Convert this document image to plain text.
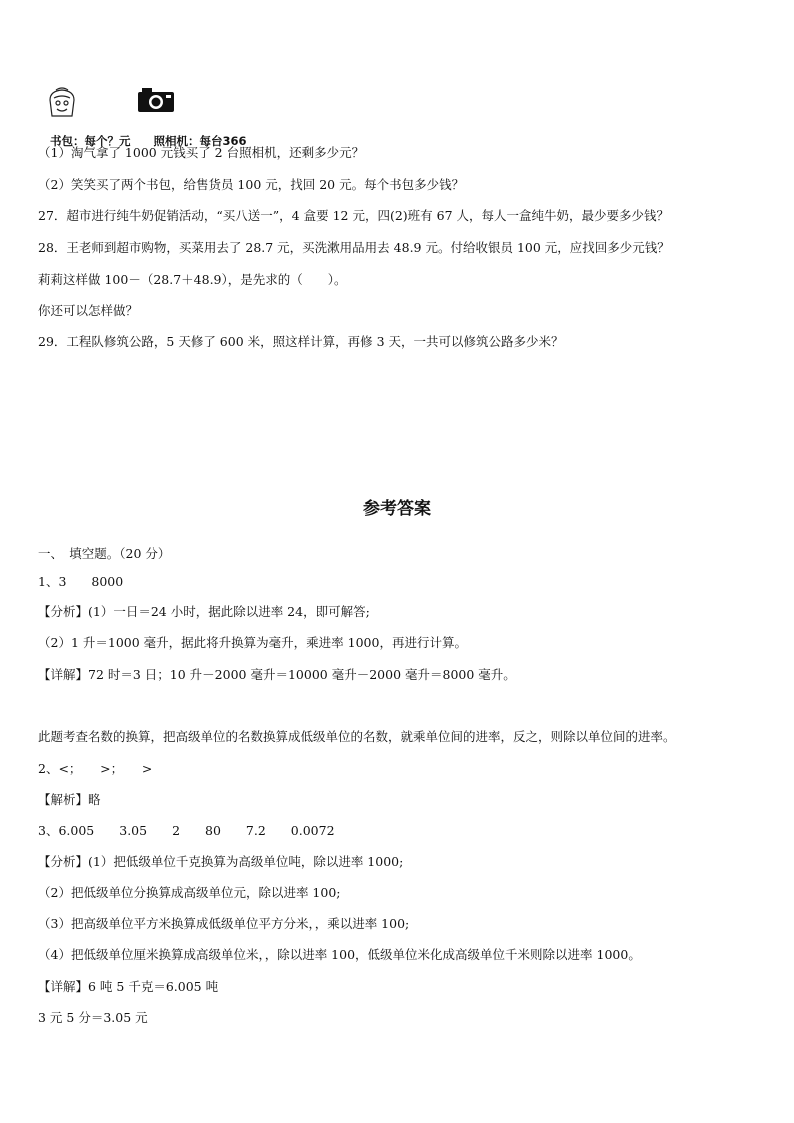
书包：每个？元　　 照相机：每台366

（1）淘气拿了 1000 元钱买了 2 台照相机，还剩多少元？

（2）笑笑买了两个书包，给售货员 100 元，找回 20 元。每个书包多少钱？

27．超市进行纯牛奶促销活动，“买八送一”，4 盒要 12 元，四(2)班有 67 人，每人一盒纯牛奶，最少要多少钱？

28．王老师到超市购物，买菜用去了 28.7 元，买洗漱用品用去 48.9 元。付给收银员 100 元，应找回多少元钱？

莉莉这样做 100－（28.7＋48.9），是先求的（　　）。

你还可以怎样做？

29．工程队修筑公路，5 天修了 600 米，照这样计算，再修 3 天，一共可以修筑公路多少米？

参考答案

一、　填空题。（20 分）

1、3　　8000

【分析】(1）一日＝24 小时，据此除以进率 24，即可解答;

（2）1 升＝1000 毫升，据此将升换算为毫升，乘进率 1000，再进行计算。

【详解】72 时＝3 日；10 升－2000 毫升＝10000 毫升－2000 毫升＝8000 毫升。

此题考查名数的换算，把高级单位的名数换算成低级单位的名数，就乘单位间的进率，反之，则除以单位间的进率。

2、<；　　>；　　>

【解析】略

3、6.005　　3.05　　2　　80　　7.2　　0.0072

【分析】(1）把低级单位千克换算为高级单位吨，除以进率 1000;

（2）把低级单位分换算成高级单位元，除以进率 100;

（3）把高级单位平方米换算成低级单位平方分米，，乘以进率 100;

（4）把低级单位厘米换算成高级单位米，，除以进率 100，低级单位米化成高级单位千米则除以进率 1000。

【详解】6 吨 5 千克＝6.005 吨

3 元 5 分＝3.05 元
